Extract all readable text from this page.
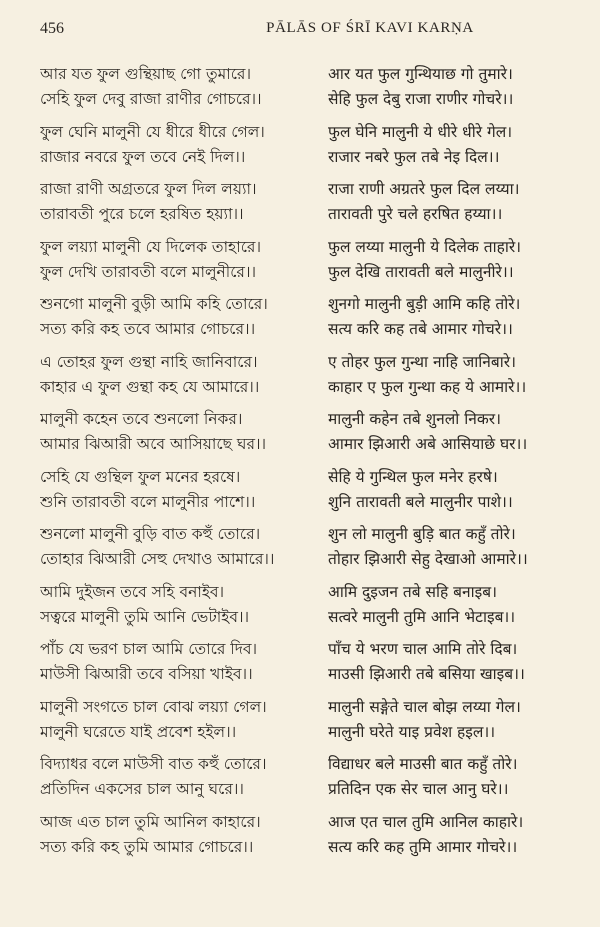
456	PĀLĀS OF ŚRĪ KAVI KARṆA
আর যত ফুল গুন্থিয়াছ গো তুমারে।
সেহি ফুল দেবু রাজা রাণীর গোচরে।।
आर यत फुल गुन्थियाछ गो तुमारे।
सेहि फुल देबु राजा राणीर गोचरे।।
ফুল ঘেনি মালুনী যে ধীরে ধীরে গেল।
রাজার নবরে ফুল তবে নেই দিল।।
फुल घेनि मालुनी ये धीरे धीरे गेल।
राजार नबरे फुल तबे नेइ दिल।।
রাজা রাণী অগ্রতরে ফুল দিল লয়্যা।
তারাবতী পুরে চলে হরষিত হয়্যা।।
राजा राणी अग्रतरे फुल दिल लय्या।
तारावती पुरे चले हरषित हय्या।।
ফুল লয়্যা মালুনী যে দিলেক তাহারে।
ফুল দেখি তারাবতী বলে মালুনীরে।।
फुल लय्या मालुनी ये दिलेक ताहारे।
फुल देखि तारावती बले मालुनीरे।।
শুনগো মালুনী বুড়ী আমি কহি তোরে।
সত্য করি কহ তবে আমার গোচরে।।
शुनगो मालुनी बुड़ी आमि कहि तोरे।
सत्य करि कह तबे आमार गोचरे।।
এ তোহর ফুল গুন্থা নাহি জানিবারে।
কাহার এ ফুল গুন্থা কহ যে আমারে।।
ए तोहर फुल गुन्था नाहि जानिबारे।
काहार ए फुल गुन्था कह ये आमारे।।
মালুনী কহেন তবে শুনলো নিকর।
আমার ঝিআরী অবে আসিয়াছে ঘর।।
मालुनी कहेन तबे शुनलो निकर।
आमार झिआरी अबे आसियाछे घर।।
সেহি যে গুন্থিল ফুল মনের হরষে।
শুনি তারাবতী বলে মালুনীর পাশে।।
सेहि ये गुन्थिल फुल मनेर हरषे।
शुनि तारावती बले मालुनीर पाशे।।
শুনলো মালুনী বুড়ি বাত কহুঁ তোরে।
তোহার ঝিআরী সেহু দেখাও আমারে।।
शुन लो मालुनी बुड़ि बात कहुँ तोरे।
तोहार झिआरी सेहु देखाओ आमारे।।
আমি দুইজন তবে সহি বনাইব।
সত্বরে মালুনী তুমি আনি ভেটাইব।।
आमि दुइजन तबे सहि बनाइब।
सत्वरे मालुनी तुमि आनि भेटाइब।।
পাঁচ যে ভরণ চাল আমি তোরে দিব।
মাউসী ঝিআরী তবে বসিয়া খাইব।।
पाँच ये भरण चाल आमि तोरे दिब।
माउसी झिआरी तबे बसिया खाइब।।
মালুনী সংগতে চাল বোঝ লয়্যা গেল।
মালুনী ঘরেতে যাই প্রবেশ হইল।।
मालुनी सङ्गेते चाल बोझ लय्या गेल।
मालुनी घरेते याइ प्रवेश हइल।।
বিদ্যাধর বলে মাউসী বাত কহুঁ তোরে।
প্রতিদিন একসের চাল আনু ঘরে।।
विद्याधर बले माउसी बात कहुँ तोरे।
प्रतिदिन एक सेर चाल आनु घरे।।
আজ এত চাল তুমি আনিল কাহারে।
সত্য করি কহ তুমি আমার গোচরে।।
आज एत चाल तुमि आनिल काहारे।
सत्य करि कह तुमि आमार गोचरे।।
